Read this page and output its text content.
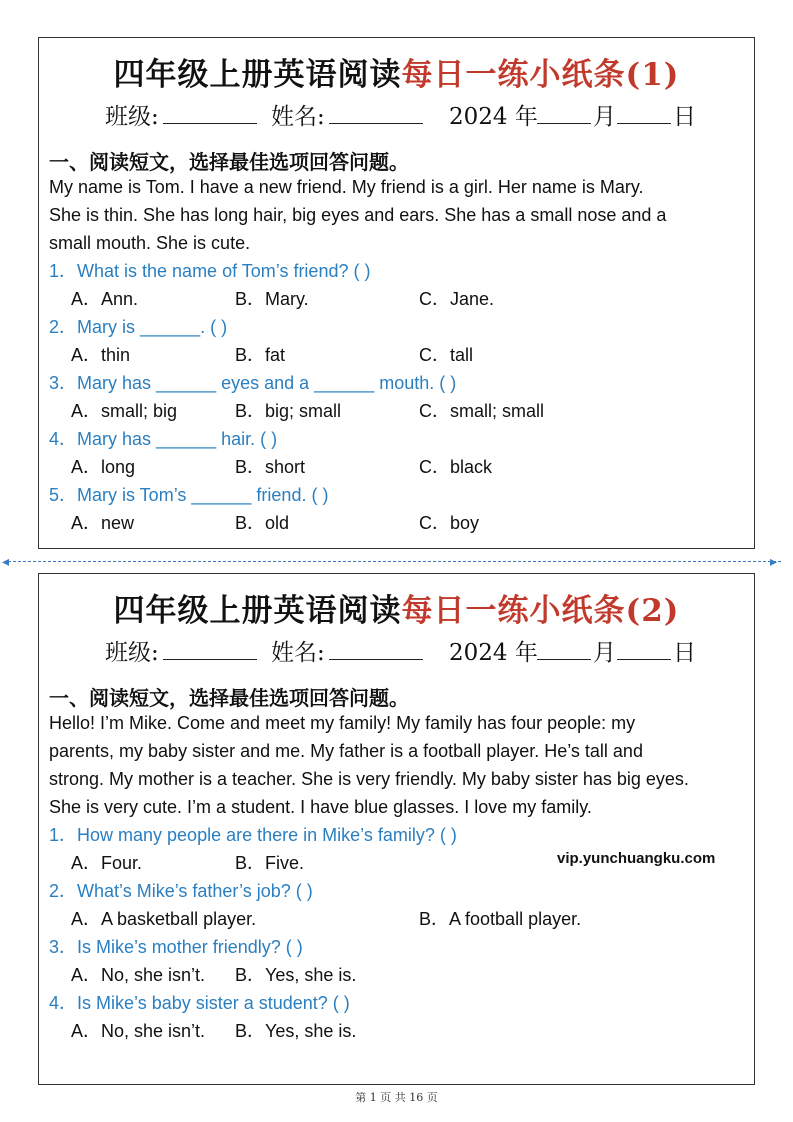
四年级上册英语阅读每日一练小纸条(1)
班级:	姓名:	2024 年 月 日
一、阅读短文，选择最佳选项回答问题。
My name is Tom. I have a new friend. My friend is a girl. Her name is Mary.
She is thin. She has long hair, big eyes and ears. She has a small nose and a
small mouth. She is cute.
1．What is the name of Tom’s friend? ( )
A．Ann.	B．Mary.	C．Jane.
2．Mary is ______. ( )
A．thin	B．fat	C．tall
3．Mary has ______ eyes and a ______ mouth. ( )
A．small; big	B．big; small	C．small; small
4．Mary has ______ hair. ( )
A．long	B．short	C．black
5．Mary is Tom’s ______ friend. ( )
A．new	B．old	C．boy
◂	▸
四年级上册英语阅读每日一练小纸条(2)
班级:	姓名:	2024 年 月 日
一、阅读短文，选择最佳选项回答问题。
Hello! I’m Mike. Come and meet my family! My family has four people: my
parents, my baby sister and me. My father is a football player. He’s tall and
strong. My mother is a teacher. She is very friendly. My baby sister has big eyes.
She is very cute. I’m a student. I have blue glasses. I love my family.
1．How many people are there in Mike’s family? ( )
A．Four.	B．Five.
2．What’s Mike’s father’s job? ( )
A．A basketball player.	B．A football player.
3．Is Mike’s mother friendly? ( )
A．No, she isn’t. B．Yes, she is.
4．Is Mike’s baby sister a student? ( )
A．No, she isn’t. B．Yes, she is.
vip.yunchuangku.com
第 1 页 共 16 页
